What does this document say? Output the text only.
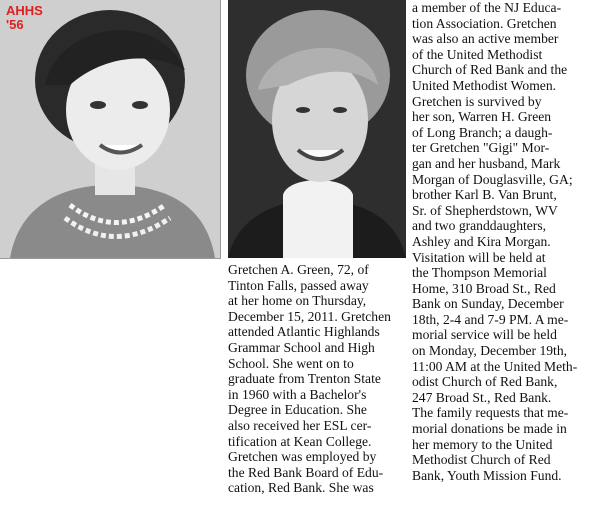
AHHS
'56
Gretchen A. Green, 72, of
Tinton Falls, passed away
at her home on Thursday,
December 15, 2011. Gretchen
attended Atlantic Highlands
Grammar School and High
School. She went on to
graduate from Trenton State
in 1960 with a Bachelor's
Degree in Education. She
also received her ESL cer-
tification at Kean College.
Gretchen was employed by
the Red Bank Board of Edu-
cation, Red Bank. She was
a member of the NJ Educa-
tion Association. Gretchen
was also an active member
of the United Methodist
Church of Red Bank and the
United Methodist Women.
Gretchen is survived by
her son, Warren H. Green
of Long Branch; a daugh-
ter Gretchen "Gigi" Mor-
gan and her husband, Mark
Morgan of Douglasville, GA;
brother Karl B. Van Brunt,
Sr. of Shepherdstown, WV
and two granddaughters,
Ashley and Kira Morgan.
Visitation will be held at
the Thompson Memorial
Home, 310 Broad St., Red
Bank on Sunday, December
18th, 2-4 and 7-9 PM. A me-
morial service will be held
on Monday, December 19th,
11:00 AM at the United Meth-
odist Church of Red Bank,
247 Broad St., Red Bank.
The family requests that me-
morial donations be made in
her memory to the United
Methodist Church of Red
Bank, Youth Mission Fund.
